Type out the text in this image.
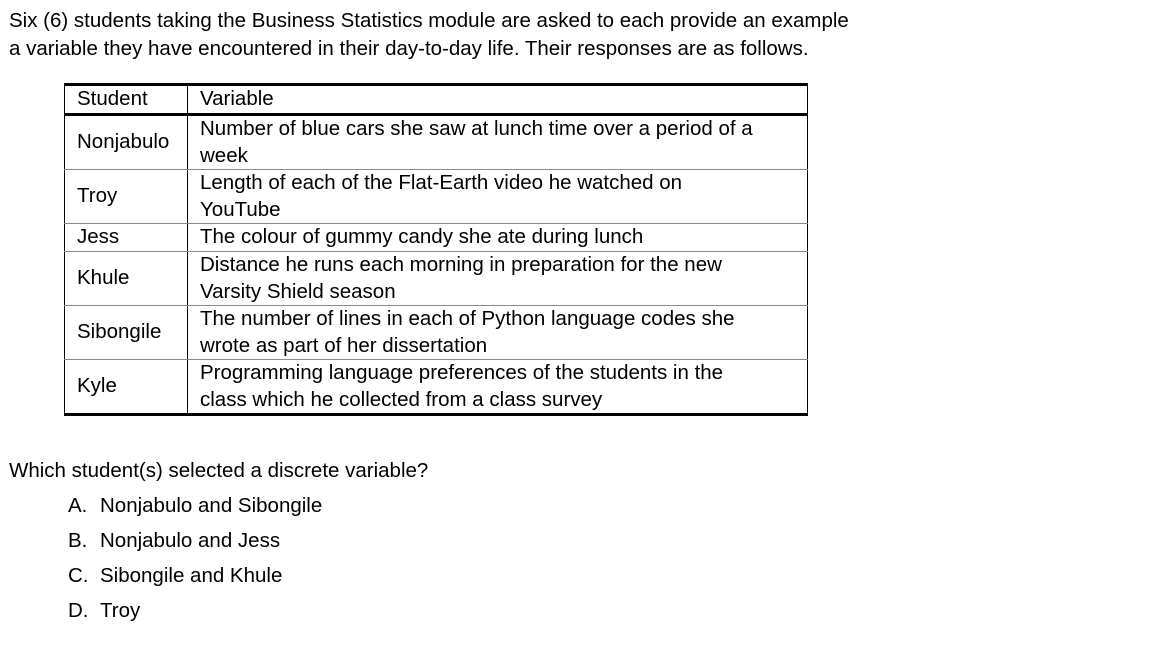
Six (6) students taking the Business Statistics module are asked to each provide an example
a variable they have encountered in their day-to-day life. Their responses are as follows.

Student	Variable
Nonjabulo	Number of blue cars she saw at lunch time over a period of a
week

Troy	Length of each of the Flat-Earth video he watched on
YouTube

Jess	The colour of gummy candy she ate during lunch

Khule	Distance he runs each morning in preparation for the new
Varsity Shield season

Sibongile	The number of lines in each of Python language codes she
wrote as part of her dissertation

Kyle	Programming language preferences of the students in the
class which he collected from a class survey

Which student(s) selected a discrete variable?

A. Nonjabulo and Sibongile
B. Nonjabulo and Jess
C. Sibongile and Khule
D. Troy
